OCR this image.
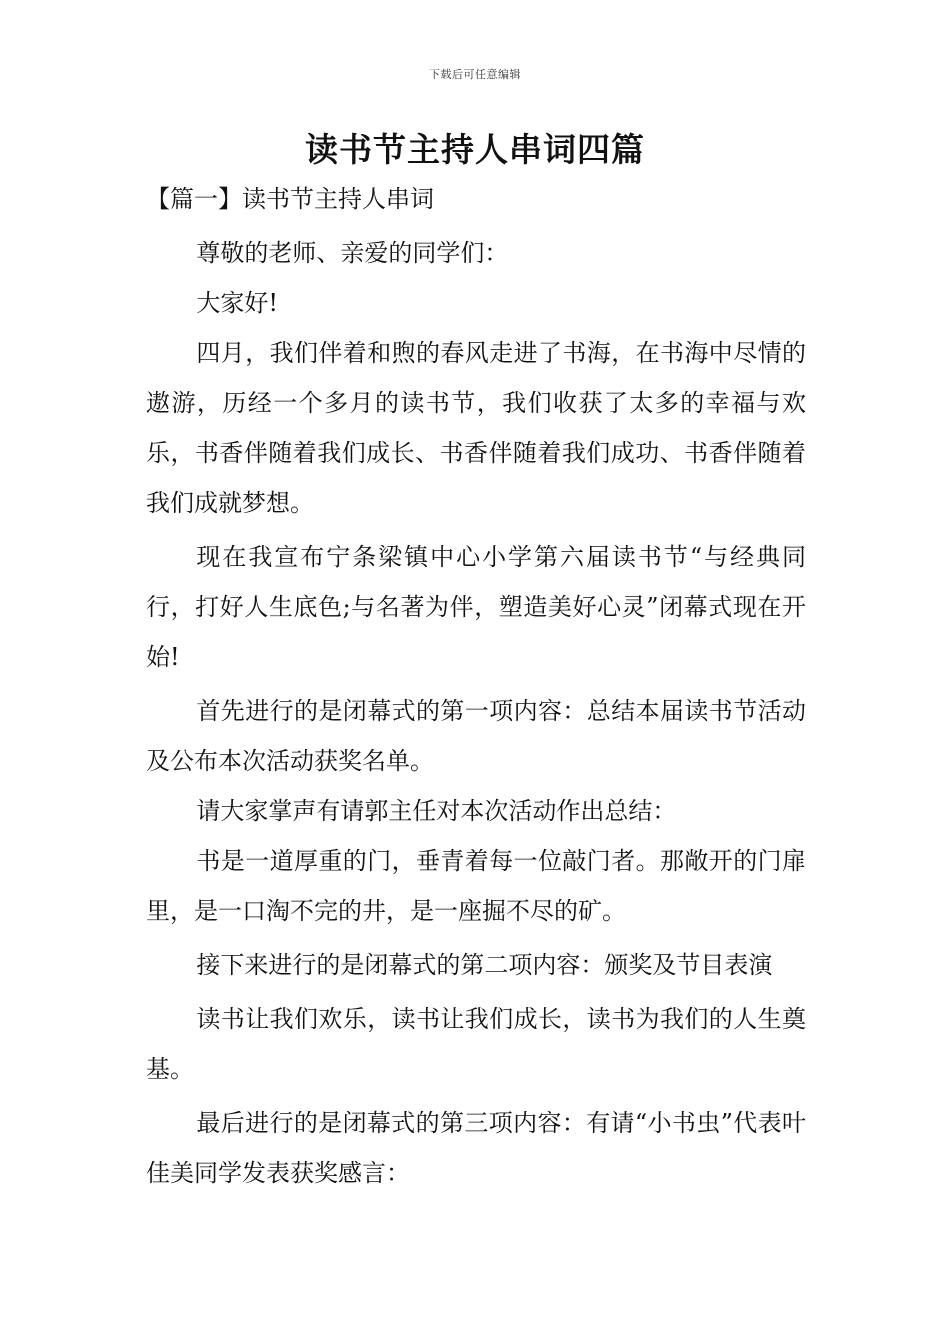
下载后可任意编辑
读书节主持人串词四篇
【篇一】读书节主持人串词

尊敬的老师、亲爱的同学们：

大家好!

四月，我们伴着和煦的春风走进了书海，在书海中尽情的遨游，历经一个多月的读书节，我们收获了太多的幸福与欢乐，书香伴随着我们成长、书香伴随着我们成功、书香伴随着我们成就梦想。

现在我宣布宁条梁镇中心小学第六届读书节“与经典同行，打好人生底色;与名著为伴，塑造美好心灵”闭幕式现在开始!

首先进行的是闭幕式的第一项内容：总结本届读书节活动及公布本次活动获奖名单。

请大家掌声有请郭主任对本次活动作出总结：

书是一道厚重的门，垂青着每一位敲门者。那敞开的门扉里，是一口淘不完的井，是一座掘不尽的矿。

接下来进行的是闭幕式的第二项内容：颁奖及节目表演

读书让我们欢乐，读书让我们成长，读书为我们的人生奠基。

最后进行的是闭幕式的第三项内容：有请“小书虫”代表叶佳美同学发表获奖感言：
